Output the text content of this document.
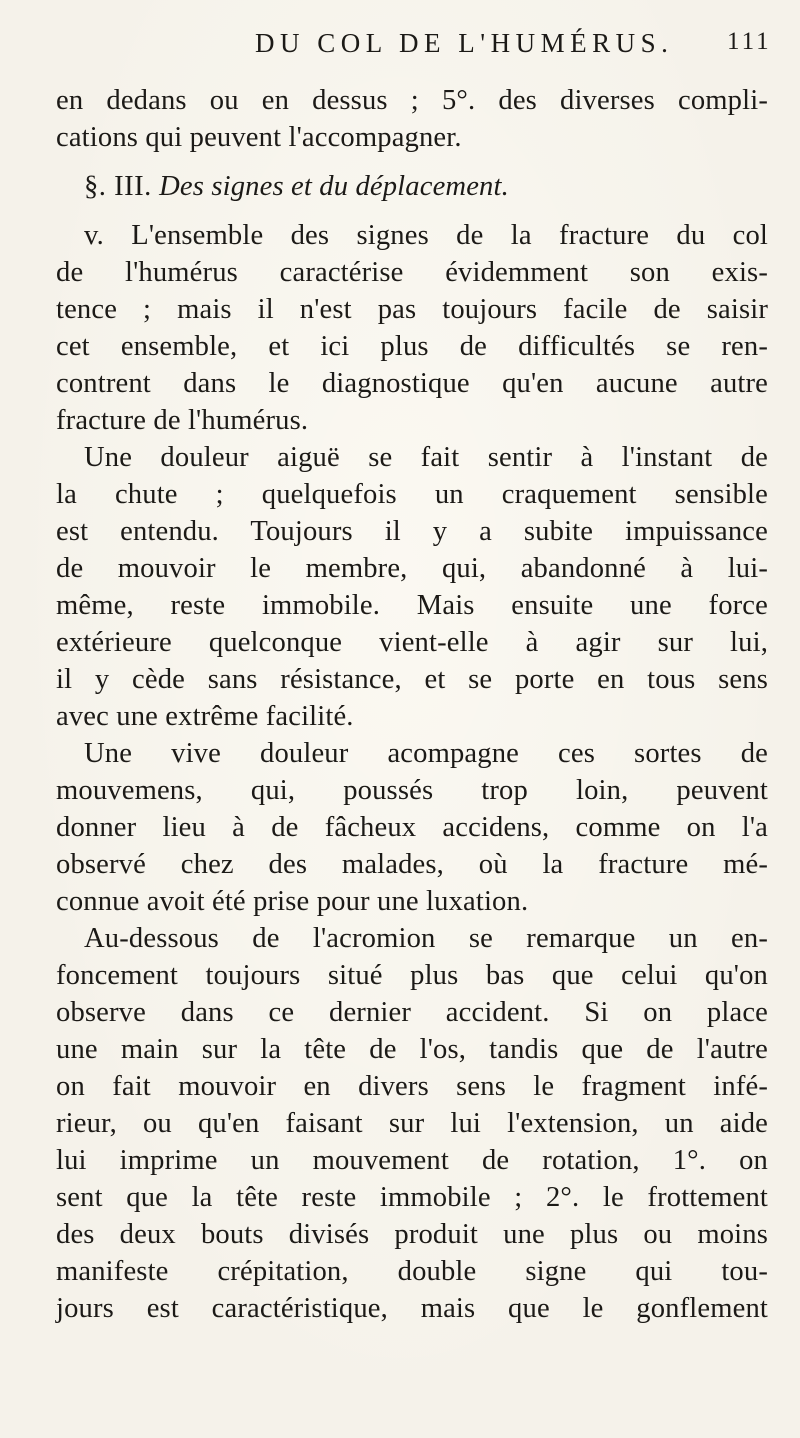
DU COL DE L'HUMÉRUS. 111
en dedans ou en dessus ; 5°. des diverses compli-
cations qui peuvent l'accompagner.
§. III. Des signes et du déplacement.
v. L'ensemble des signes de la fracture du col
de l'humérus caractérise évidemment son exis-
tence ; mais il n'est pas toujours facile de saisir
cet ensemble, et ici plus de difficultés se ren-
contrent dans le diagnostique qu'en aucune autre
fracture de l'humérus.
Une douleur aiguë se fait sentir à l'instant de
la chute ; quelquefois un craquement sensible
est entendu. Toujours il y a subite impuissance
de mouvoir le membre, qui, abandonné à lui-
même, reste immobile. Mais ensuite une force
extérieure quelconque vient-elle à agir sur lui,
il y cède sans résistance, et se porte en tous sens
avec une extrême facilité.
Une vive douleur acompagne ces sortes de
mouvemens, qui, poussés trop loin, peuvent
donner lieu à de fâcheux accidens, comme on l'a
observé chez des malades, où la fracture mé-
connue avoit été prise pour une luxation.
Au-dessous de l'acromion se remarque un en-
foncement toujours situé plus bas que celui qu'on
observe dans ce dernier accident. Si on place
une main sur la tête de l'os, tandis que de l'autre
on fait mouvoir en divers sens le fragment infé-
rieur, ou qu'en faisant sur lui l'extension, un aide
lui imprime un mouvement de rotation, 1°. on
sent que la tête reste immobile ; 2°. le frottement
des deux bouts divisés produit une plus ou moins
manifeste crépitation, double signe qui tou-
jours est caractéristique, mais que le gonflement
